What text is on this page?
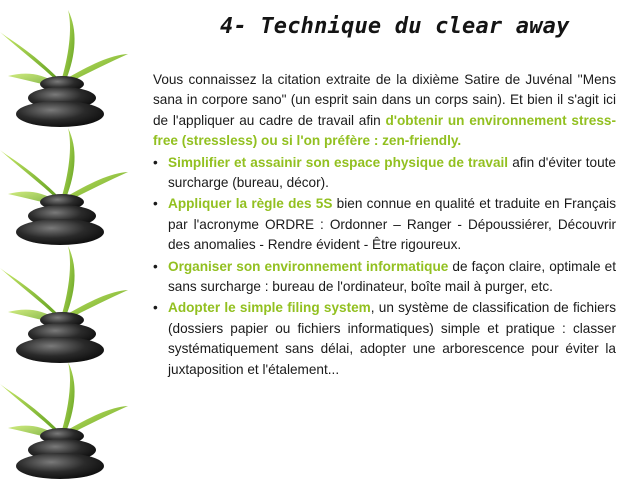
4- Technique du clear away
Vous connaissez la citation extraite de la dixième Satire de Juvénal ''Mens sana in corpore sano" (un esprit sain dans un corps sain). Et bien il s'agit ici de l'appliquer au cadre de travail afin d'obtenir un environnement stress-free (stressless) ou si l'on préfère : zen-friendly.
• Simplifier et assainir son espace physique de travail afin d'éviter toute surcharge (bureau, décor).
• Appliquer la règle des 5S bien connue en qualité et traduite en Français par l'acronyme ORDRE : Ordonner – Ranger - Dépoussiérer, Découvrir des anomalies - Rendre évident - Être rigoureux.
• Organiser son environnement informatique de façon claire, optimale et sans surcharge : bureau de l'ordinateur, boîte mail à purger, etc.
• Adopter le simple filing system, un système de classification de fichiers (dossiers papier ou fichiers informatiques) simple et pratique : classer systématiquement sans délai, adopter une arborescence pour éviter la juxtaposition et l'étalement...
